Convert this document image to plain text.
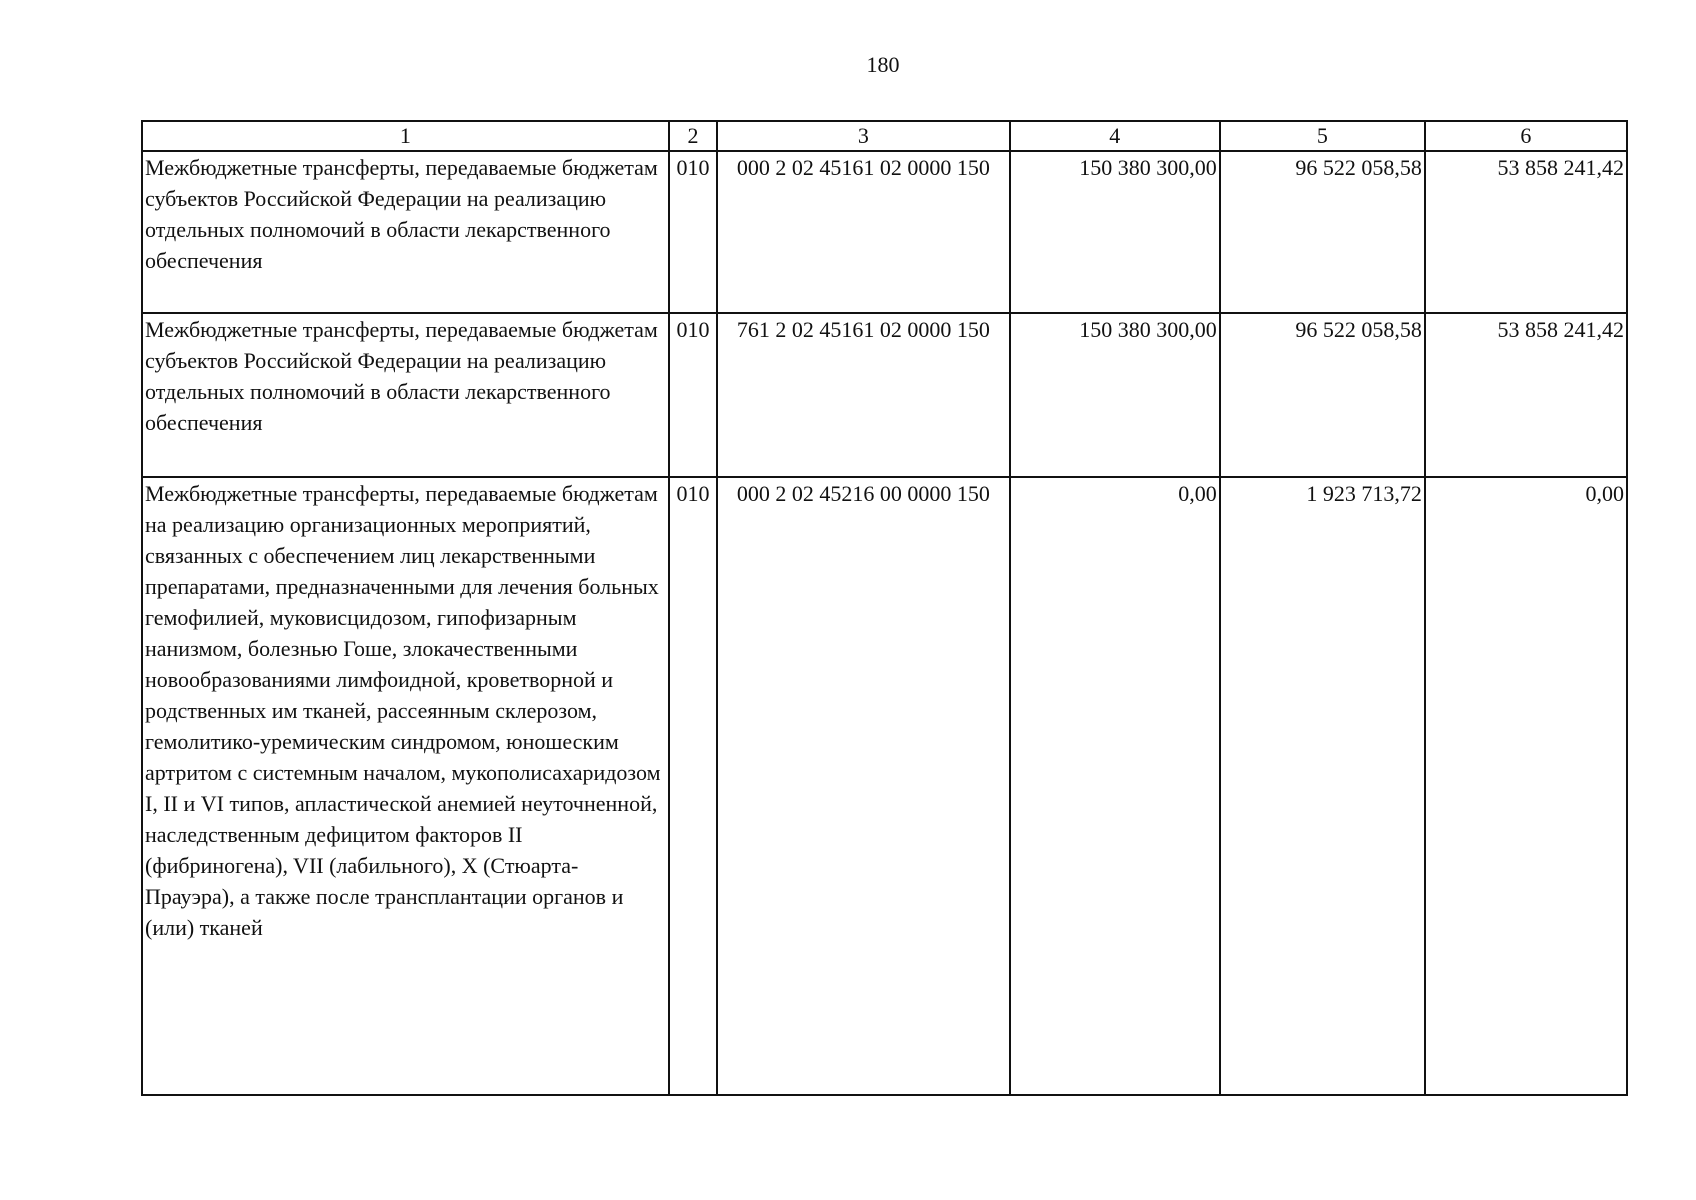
180
1	2	3	4	5	6
Межбюджетные трансферты, передаваемые бюджетам субъектов Российской Федерации на реализацию отдельных полномочий в области лекарственного обеспечения	010	000 2 02 45161 02 0000 150	150 380 300,00	96 522 058,58	53 858 241,42
Межбюджетные трансферты, передаваемые бюджетам субъектов Российской Федерации на реализацию отдельных полномочий в области лекарственного обеспечения	010	761 2 02 45161 02 0000 150	150 380 300,00	96 522 058,58	53 858 241,42
Межбюджетные трансферты, передаваемые бюджетам на реализацию организационных мероприятий, связанных с обеспечением лиц лекарственными препаратами, предназначенными для лечения больных гемофилией, муковисцидозом, гипофизарным нанизмом, болезнью Гоше, злокачественными новообразованиями лимфоидной, кроветворной и родственных им тканей, рассеянным склерозом, гемолитико-уремическим синдромом, юношеским артритом с системным началом, мукополисахаридозом I, II и VI типов, апластической анемией неуточненной, наследственным дефицитом факторов II (фибриногена), VII (лабильного), X (Стюарта-Прауэра), а также после трансплантации органов и (или) тканей	010	000 2 02 45216 00 0000 150	0,00	1 923 713,72	0,00
